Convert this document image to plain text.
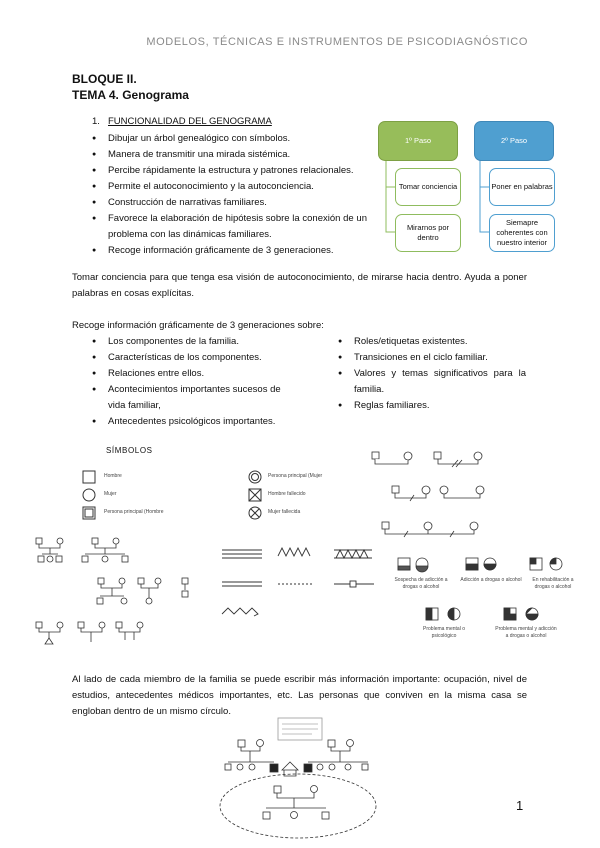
MODELOS, TÉCNICAS E INSTRUMENTOS DE PSICODIAGNÓSTICO
BLOQUE II.
TEMA 4. Genograma
1. FUNCIONALIDAD DEL GENOGRAMA
● Dibujar un árbol genealógico con símbolos.
● Manera de transmitir una mirada sistémica.
● Percibe rápidamente la estructura y patrones relacionales.
● Permite el autoconocimiento y la autoconciencia.
● Construcción de narrativas familiares.
● Favorece la elaboración de hipótesis sobre la conexión de un problema con las dinámicas familiares.
● Recoge información gráficamente de 3 generaciones.
1º Paso	2º Paso
Tomar conciencia
Mirarnos por dentro
Poner en palabras
Siemapre coherentes con nuestro interior
Tomar conciencia para que tenga esa visión de autoconocimiento, de mirarse hacia dentro. Ayuda a poner palabras en cosas explícitas.
Recoge información gráficamente de 3 generaciones sobre:
● Los componentes de la familia.
● Características de los componentes.
● Relaciones entre ellos.
● Acontecimientos importantes sucesos de vida familiar,
● Antecedentes psicológicos importantes.
● Roles/etiquetas existentes.
● Transiciones en el ciclo familiar.
● Valores y temas significativos para la familia.
● Reglas familiares.
SÍMBOLOS
Hombre
Mujer
Persona principal (Hombre
Persona principal (Mujer
Hombre fallecido
Mujer fallecida
Sospecha de adicción a drogas o alcohol
Adicción a drogas o alcohol	En rehabilitación a drogas o alcohol
Problema mental o psicológico
Problema mental y adicción a drogas o alcohol
Al lado de cada miembro de la familia se puede escribir más información importante: ocupación, nivel de estudios, antecedentes médicos importantes, etc. Las personas que conviven en la misma casa se engloban dentro de un mismo círculo.
1
